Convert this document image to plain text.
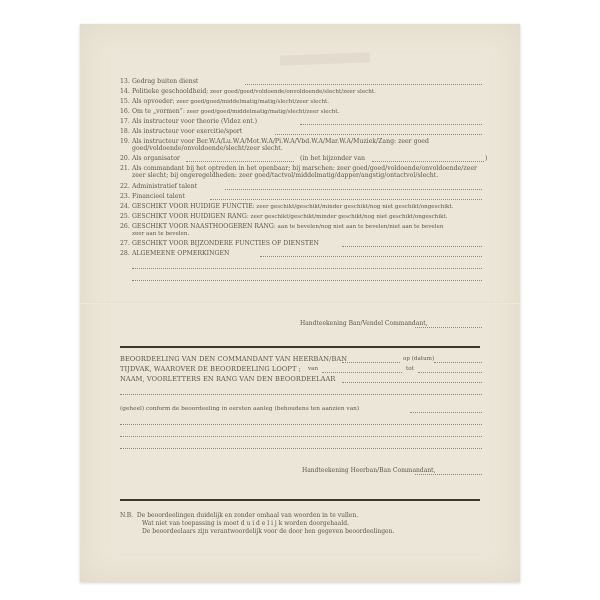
13. Gedrag buiten dienst
14. Politieke geschooldheid; zeer goed/goed/voldoende/onvoldoende/slecht/zeer slecht.
15. Als opvoeder; zeer goed/goed/middelmatig/matig/slecht/zeer slecht.
16. Om te „vormen”: zeer goed/goed/middelmatig/matig/slecht/zeer slecht.
17. Als instructeur voor theorie (Videz ent.)
18. Als instructeur voor exercitie/sport
19. Als instructeur voor Ber.W.A/Lu.W.A/Mot.W.A/Pi.W.A/Vbd.W.A/Mar.W.A/Muziek/Zang: zeer goed
goed/voldoende/onvoldoende/slecht/zeer slecht.
20. Als organisator	(in het bijzonder van	)
21. Als commandant bij het optreden in het openbaar; bij marschen: zeer goed/goed/voldoende/onvoldoende/zeer
zeer slecht; bij ongeregeldheden: zeer goed/tactvol/middelmatig/dapper/angstig/ontactvol/slecht.
22. Administratief talent
23. Financieel talent
24. GESCHIKT VOOR HUIDIGE FUNCTIE: zeer geschikt/geschikt/minder geschikt/nog niet geschikt/ongeschikt.
25. GESCHIKT VOOR HUIDIGEN RANG: zeer geschikt/geschikt/minder geschikt/nog niet geschikt/ongeschikt.
26. GESCHIKT VOOR NAASTHOOGEREN RANG: aan te bevelen/nog niet aan te bevelen/niet aan te bevelen
zeer aan te bevelen.
27. GESCHIKT VOOR BIJZONDERE FUNCTIES OF DIENSTEN
28. ALGEMEENE OPMERKINGEN
Handteekening Ban/Vendel Commandant,
BEOORDEELING VAN DEN COMMANDANT VAN HEERBAN/BAN	op (datum)
TIJDVAK, WAAROVER DE BEOORDEELING LOOPT ; van	tot
NAAM, VOORLETTERS EN RANG VAN DEN BEOORDEELAAR
(geheel) conform de beoordeeling in eersten aanleg (behoudens ten aanzien van)
Handteekening Heerban/Ban Commandant,
N.B. De beoordeelingen duidelijk en zonder omhaal van woorden in te vullen.
Wat niet van toepassing is moet d u i d e l i j k worden doorgehaald.
De beoordeelaars zijn verantwoordelijk voor de door hen gegeven beoordeelingen.
